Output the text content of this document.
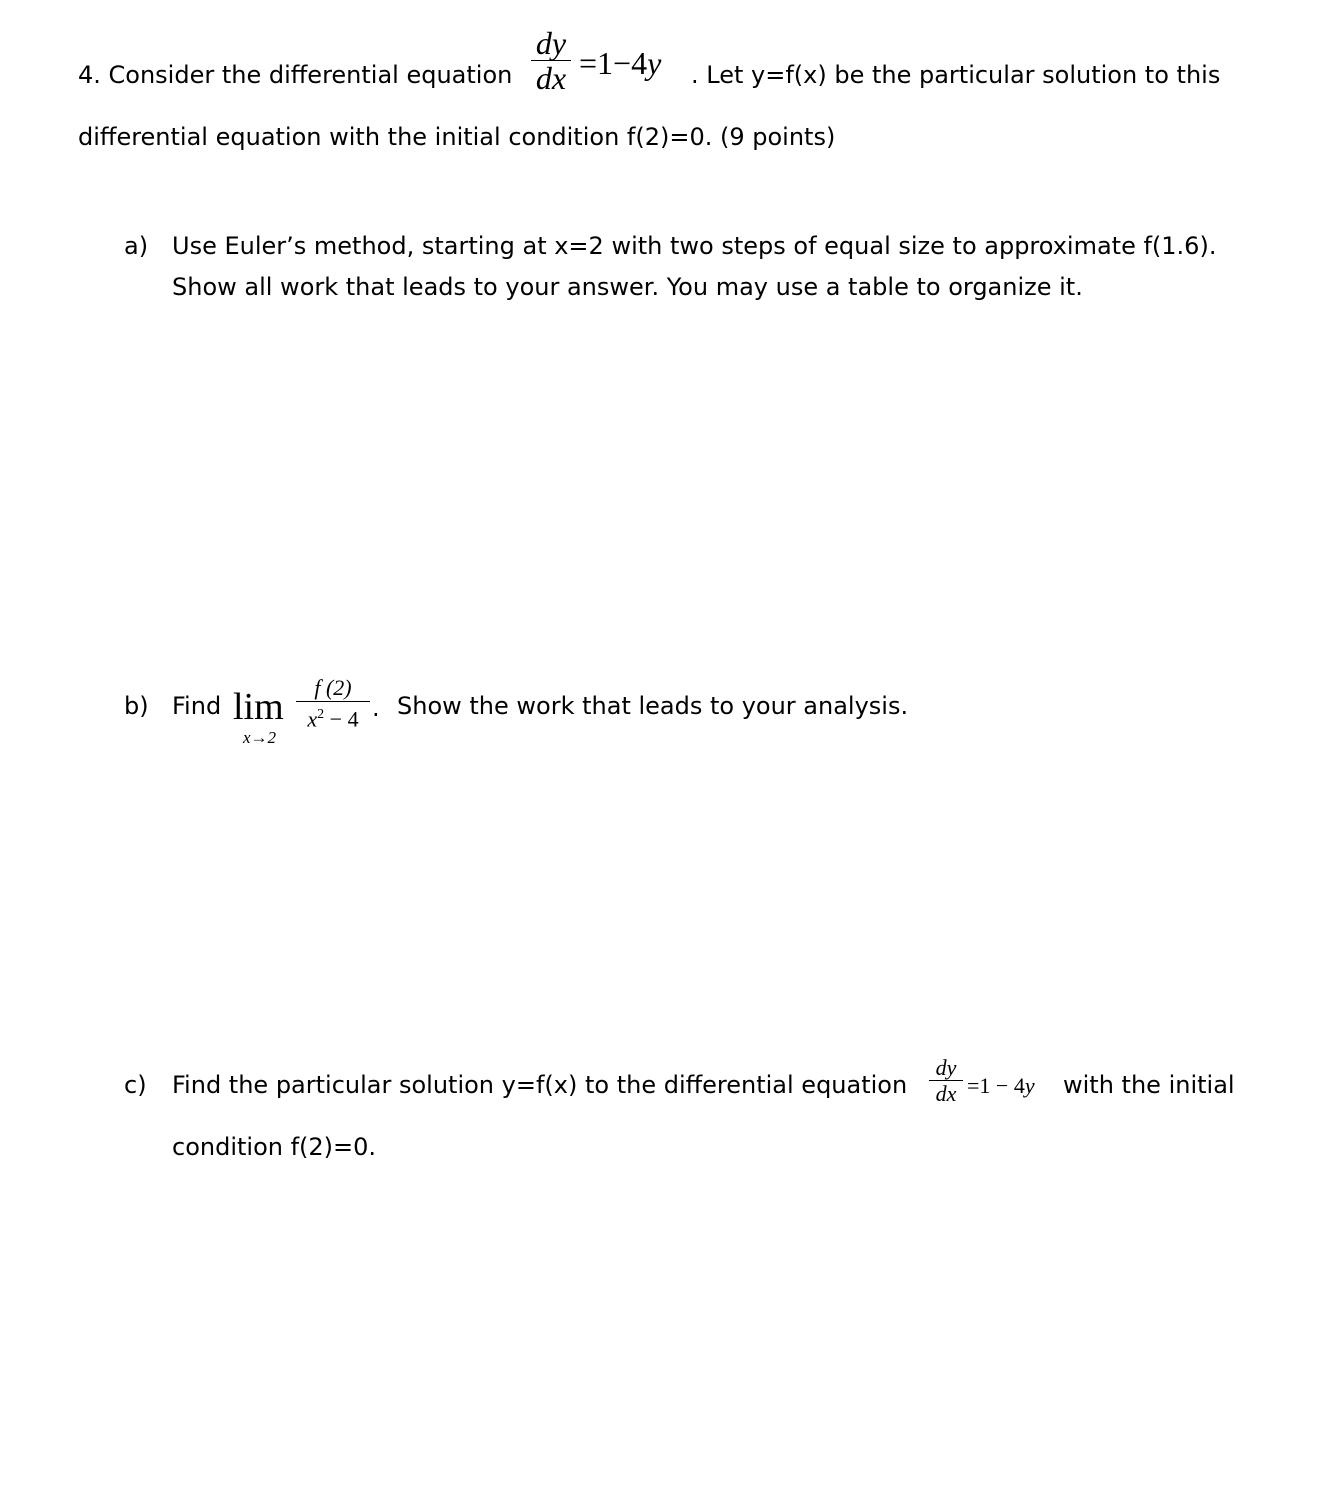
4. Consider the differential equation
dy
dx =1−4y . Let y=f(x) be the particular solution to this
differential equation with the initial condition f(2)=0. (9 points)
a) Use Euler’s method, starting at x=2 with two steps of equal size to approximate f(1.6).
Show all work that leads to your answer. You may use a table to organize it.
b) Find lim
x→2
f (2)
$x^2 - 4$ . Show the work that leads to your analysis.
c) Find the particular solution y=f(x) to the differential equation
dy
dx =1 − 4y with the initial
condition f(2)=0.
